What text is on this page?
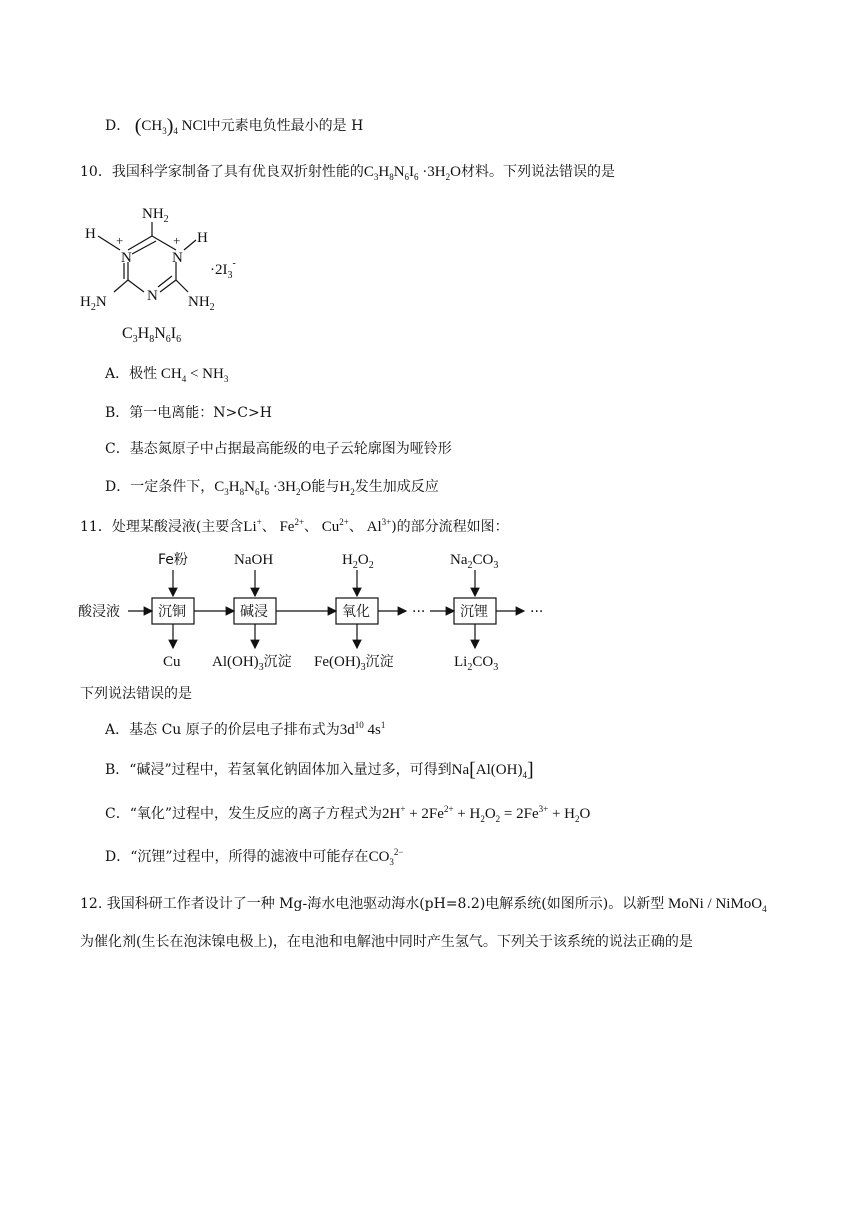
D． $(CH_3)_4$ NCl中元素电负性最小的是 H
10．我国科学家制备了具有优良双折射性能的$C_3H_8N_6I_6 \cdot 3H_2O$材料。下列说法错误的是
$NH_2$
N	N
N
+	+
H	H
$H_2N$	$NH_2$
$\cdot 2I_3^-$
$C_3H_8N_6I_6$
A．极性 $CH_4 < NH_3$
B．第一电离能：N>C>H
C．基态氮原子中占据最高能级的电子云轮廓图为哑铃形
D．一定条件下，$C_3H_8N_6I_6 \cdot 3H_2O$能与$H_2$发生加成反应
11．处理某酸浸液(主要含Li+、 $Fe^{2+}$、 $Cu^{2+}$、 $Al^{3+}$)的部分流程如图：
酸浸液	沉铜	碱浸	氧化	··· 沉锂	···
Fe粉	NaOH	$H_2O_2$	$Na_2CO_3$
Cu $Al(OH)_3$沉淀 $Fe(OH)_3$沉淀	$Li_2CO_3$
下列说法错误的是
A．基态 Cu 原子的价层电子排布式为$3d^{10}$ $4s^1$
B．“碱浸”过程中，若氢氧化钠固体加入量过多，可得到$Na[Al(OH)_4]$
C．“氧化”过程中，发生反应的离子方程式为$2H^+ + 2Fe^{2+} + H_2O_2 = 2Fe^{3+} + H_2O$
D．“沉锂”过程中，所得的滤液中可能存在$CO_3^{2-}$
12. 我国科研工作者设计了一种 Mg-海水电池驱动海水(pH=8.2)电解系统(如图所示)。以新型 MoNi / NiMoO$_4$
为催化剂(生长在泡沫镍电极上)，在电池和电解池中同时产生氢气。下列关于该系统的说法正确的是
